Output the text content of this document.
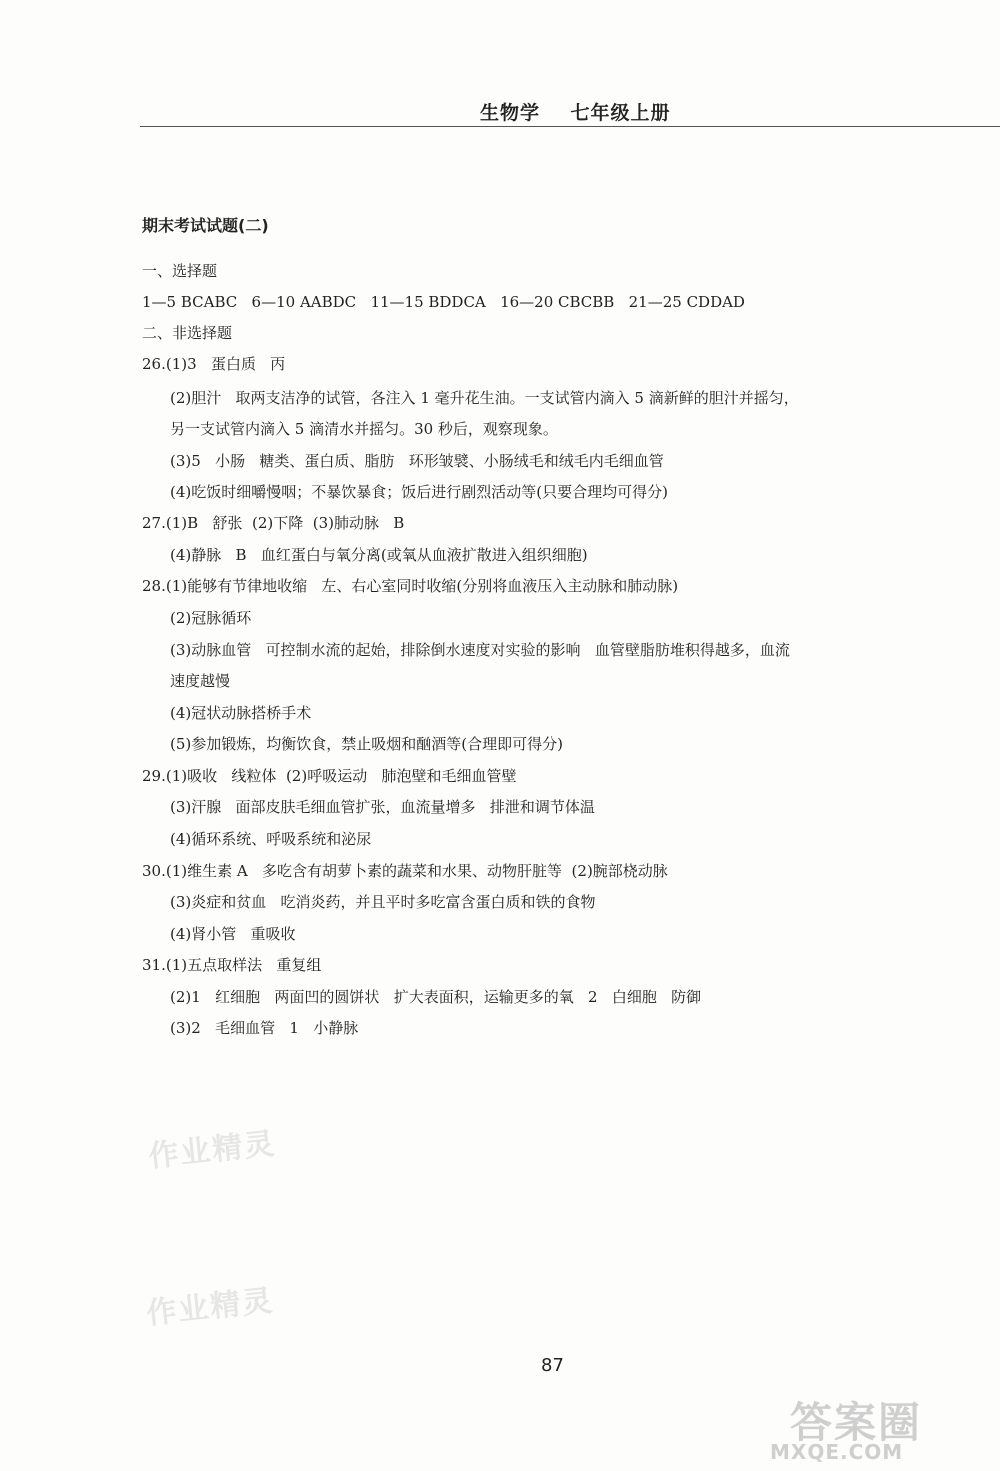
生物学    七年级上册
期末考试试题(二)
一、选择题
1—5 BCABC   6—10 AABDC   11—15 BDDCA   16—20 CBCBB   21—25 CDDAD
二、非选择题
26.(1)3   蛋白质   丙
(2)胆汁   取两支洁净的试管，各注入 1 毫升花生油。一支试管内滴入 5 滴新鲜的胆汁并摇匀，
另一支试管内滴入 5 滴清水并摇匀。30 秒后，观察现象。
(3)5   小肠   糖类、蛋白质、脂肪   环形皱襞、小肠绒毛和绒毛内毛细血管
(4)吃饭时细嚼慢咽；不暴饮暴食；饭后进行剧烈活动等(只要合理均可得分)
27.(1)B   舒张  (2)下降  (3)肺动脉   B
(4)静脉   B   血红蛋白与氧分离(或氧从血液扩散进入组织细胞)
28.(1)能够有节律地收缩   左、右心室同时收缩(分别将血液压入主动脉和肺动脉)
(2)冠脉循环
(3)动脉血管   可控制水流的起始，排除倒水速度对实验的影响   血管壁脂肪堆积得越多，血流
速度越慢
(4)冠状动脉搭桥手术
(5)参加锻炼，均衡饮食，禁止吸烟和酗酒等(合理即可得分)
29.(1)吸收   线粒体  (2)呼吸运动   肺泡壁和毛细血管壁
(3)汗腺   面部皮肤毛细血管扩张，血流量增多   排泄和调节体温
(4)循环系统、呼吸系统和泌尿
30.(1)维生素 A   多吃含有胡萝卜素的蔬菜和水果、动物肝脏等  (2)腕部桡动脉
(3)炎症和贫血   吃消炎药，并且平时多吃富含蛋白质和铁的食物
(4)肾小管   重吸收
31.(1)五点取样法   重复组
(2)1   红细胞   两面凹的圆饼状   扩大表面积，运输更多的氧   2   白细胞   防御
(3)2   毛细血管   1   小静脉
作业精灵
作业精灵
87
答案圈
MXQE.COM
